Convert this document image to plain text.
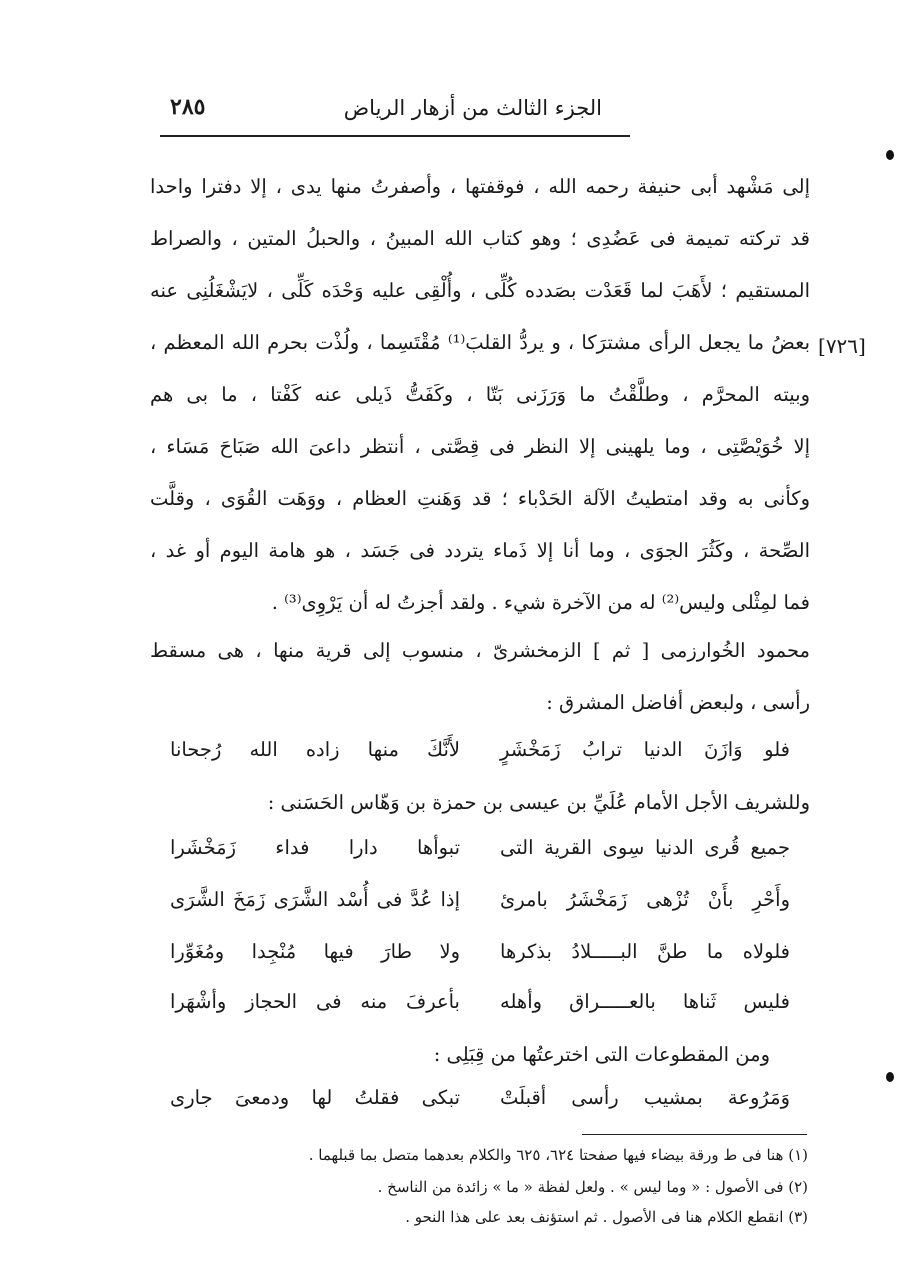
الجزء الثالث من أزهار الرياض
٢٨٥
[٧٢٦]
إلى مَشْهد أبى حنيفة رحمه الله ، فوقفتها ، وأصفرتُ منها يدى ، إلا دفترا واحدا
قد تركته تميمة فى عَضُدِى ؛ وهو كتاب الله المبينُ ، والحبلُ المتين ، والصراط
المستقيم ؛ لأَهَبَ لما قَعَدْت بصَدده كُلِّى ، وأُلْقِى عليه وَحْدَه كَلِّى ، لايَشْغَلُنِى عنه
بعضُ ما يجعل الرأى مشترَكا ، و يردُّ القلبَ⁽¹⁾ مُقْتَسِما ، ولُذْت بحرم الله المعظم ،
وبيته المحرَّم ، وطلَّقْتُ ما وَرَزَنى بَتّا ، وكَفَتُّ ذَيلى عنه كَفْتا ، ما بى هم
إلا خُوَيْصَّتِى ، وما يلهينى إلا النظر فى قِصَّتى ، أنتظر داعىَ الله صَبَاحَ مَسَاء ،
وكأنى به وقد امتطيتُ الآلة الحَدْباء ؛ قد وَهَنتِ العظام ، ووَهَت القُوَى ، وقلَّت
الصِّحة ، وكَثُرَ الجوَى ، وما أنا إلا ذَماء يتردد فى جَسَد ، هو هامة اليوم أو غد ،
فما لمِثْلى وليس⁽²⁾ له من الآخرة شيء . ولقد أجزتُ له أن يَرْوِى⁽³⁾ .
محمود الخُوارزمى [ ثم ] الزمخشرىّ ، منسوب إلى قرية منها ، هى مسقط
رأسى ، ولبعض أفاضل المشرق :
فلو وَازَنَ الدنيا ترابُ زَمَخْشَرٍ
لأَنَّكَ منها زاده الله رُجحانا
وللشريف الأجل الأمام عُلَيِّ بن عيسى بن حمزة بن وَهّاس الحَسَنى :
جميع قُرى الدنيا سِوى القرية التى
تبوأها دارا فداء زَمَخْشَرا
وأَحْرِ بأَنْ تُزْهى زَمَخْشَرُ بامرئ
إذا عُدَّ فى أُسْد الشَّرَى زَمَخَ الشَّرَى
فلولاه ما طنَّ البـــــلادُ بذكرها
ولا طارَ فيها مُنْجِدا ومُغَوِّرا
فليس ثَناها بالعـــــراق وأهله
بأعرفَ منه فى الحجاز وأشْهَرا
ومن المقطوعات التى اخترعتُها من قِبَلِى :
وَمَرُوعة بمشيب رأسى أقبلَتْ
تبكى فقلتُ لها ودمعىَ جارى
(١) هنا فى ط ورقة بيضاء فيها صفحتا ٦٢٤، ٦٢٥ والكلام بعدهما متصل بما قبلهما .
(٢) فى الأصول : « وما ليس » . ولعل لفظة « ما » زائدة من الناسخ .
(٣) انقطع الكلام هنا فى الأصول . ثم استؤنف بعد على هذا النحو .
